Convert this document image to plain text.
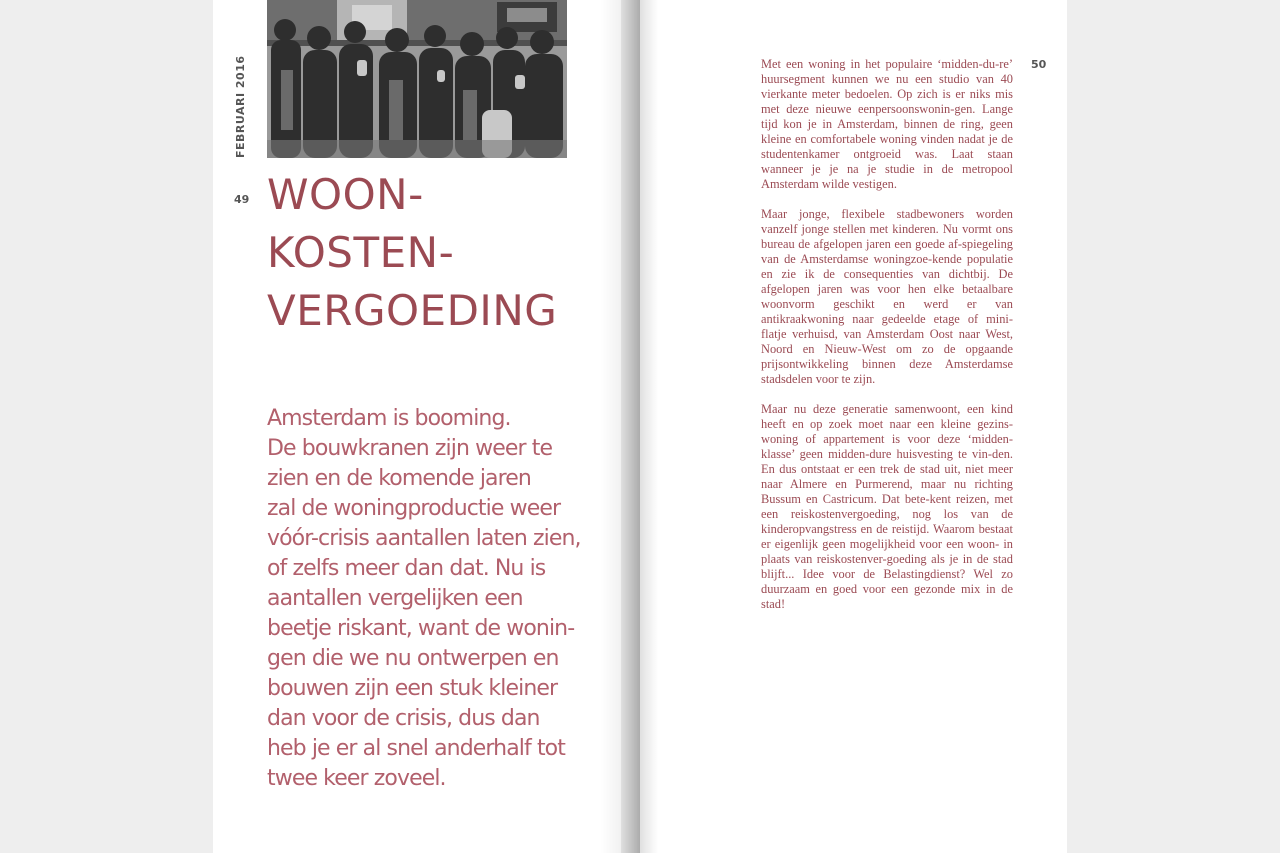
FEBRUARI 2016
49
50
WOON-
KOSTEN-
VERGOEDING
Amsterdam is booming.
De bouwkranen zijn weer te
zien en de komende jaren
zal de woningproductie weer
vóór-crisis aantallen laten zien,
of zelfs meer dan dat. Nu is
aantallen vergelijken een
beetje riskant, want de wonin-
gen die we nu ontwerpen en
bouwen zijn een stuk kleiner
dan voor de crisis, dus dan
heb je er al snel anderhalf tot
twee keer zoveel.

Met een woning in het populaire ‘midden-du-re’ huursegment kunnen we nu een studio van 40 vierkante meter bedoelen. Op zich is er niks mis met deze nieuwe eenpersoonswonin-gen. Lange tijd kon je in Amsterdam, binnen de ring, geen kleine en comfortabele woning vinden nadat je de studentenkamer ontgroeid was. Laat staan wanneer je je na je studie in de metropool Amsterdam wilde vestigen.

Maar jonge, flexibele stadbewoners worden vanzelf jonge stellen met kinderen. Nu vormt ons bureau de afgelopen jaren een goede af-spiegeling van de Amsterdamse woningzoe-kende populatie en zie ik de consequenties van dichtbij. De afgelopen jaren was voor hen elke betaalbare woonvorm geschikt en werd er van antikraakwoning naar gedeelde etage of mini-flatje verhuisd, van Amsterdam Oost naar West, Noord en Nieuw-West om zo de opgaande prijsontwikkeling binnen deze Amsterdamse stadsdelen voor te zijn.

Maar nu deze generatie samenwoont, een kind heeft en op zoek moet naar een kleine gezins-woning of appartement is voor deze ‘midden-klasse’ geen midden-dure huisvesting te vin-den. En dus ontstaat er een trek de stad uit, niet meer naar Almere en Purmerend, maar nu richting Bussum en Castricum. Dat bete-kent reizen, met een reiskostenvergoeding, nog los van de kinderopvangstress en de reistijd. Waarom bestaat er eigenlijk geen mogelijkheid voor een woon- in plaats van reiskostenver-goeding als je in de stad blijft... Idee voor de Belastingdienst? Wel zo duurzaam en goed voor een gezonde mix in de stad!
